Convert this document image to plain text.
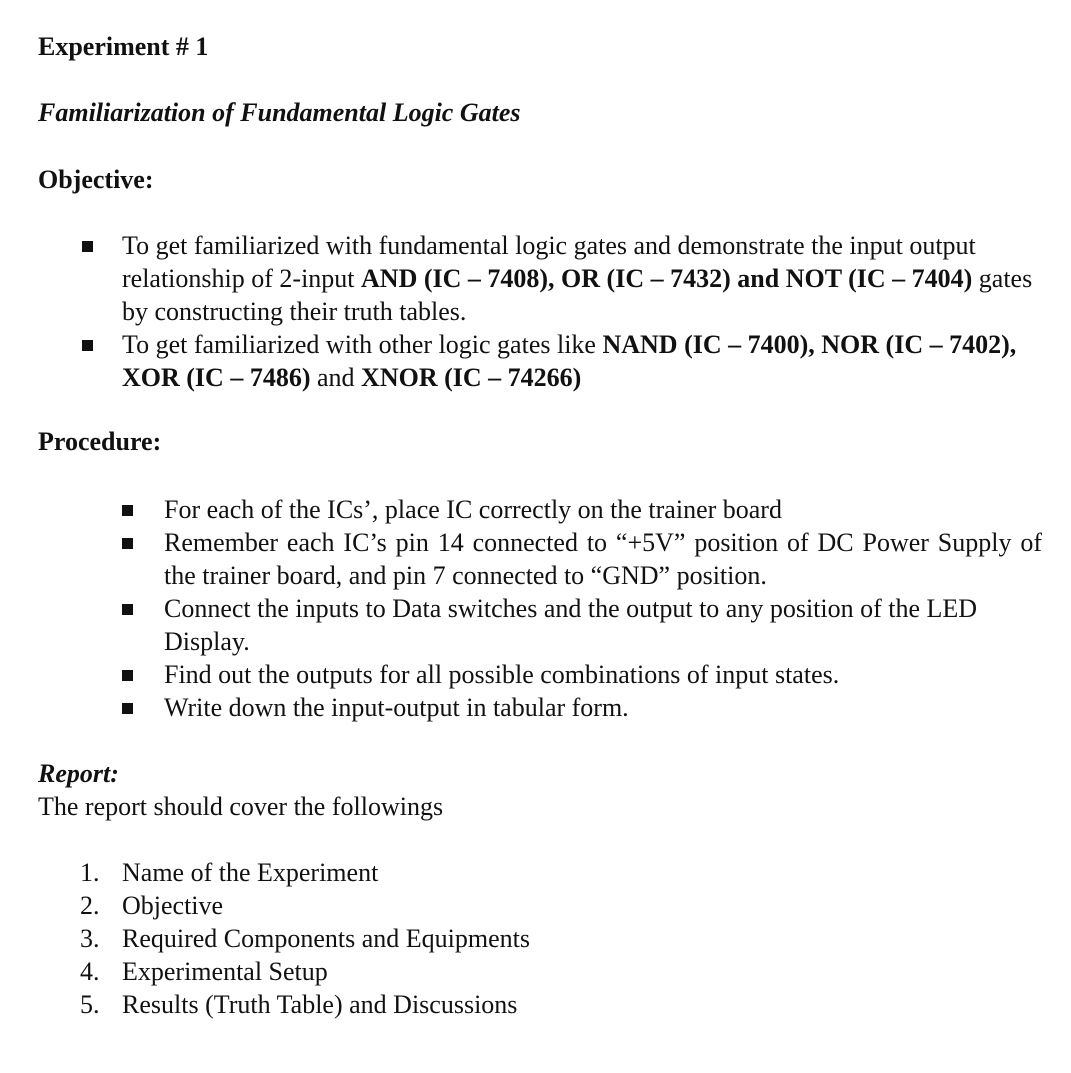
Experiment # 1
Familiarization of Fundamental Logic Gates
Objective:
To get familiarized with fundamental logic gates and demonstrate the input output relationship of 2-input AND (IC – 7408), OR (IC – 7432) and NOT (IC – 7404) gates by constructing their truth tables.
To get familiarized with other logic gates like NAND (IC – 7400), NOR (IC – 7402), XOR (IC – 7486) and XNOR (IC – 74266)
Procedure:
For each of the ICs’, place IC correctly on the trainer board
Remember each IC’s pin 14 connected to “+5V” position of DC Power Supply of the trainer board, and pin 7 connected to “GND” position.
Connect the inputs to Data switches and the output to any position of the LED Display.
Find out the outputs for all possible combinations of input states.
Write down the input-output in tabular form.
Report:

The report should cover the followings

1. Name of the Experiment
2. Objective
3. Required Components and Equipments
4. Experimental Setup
5. Results (Truth Table) and Discussions
